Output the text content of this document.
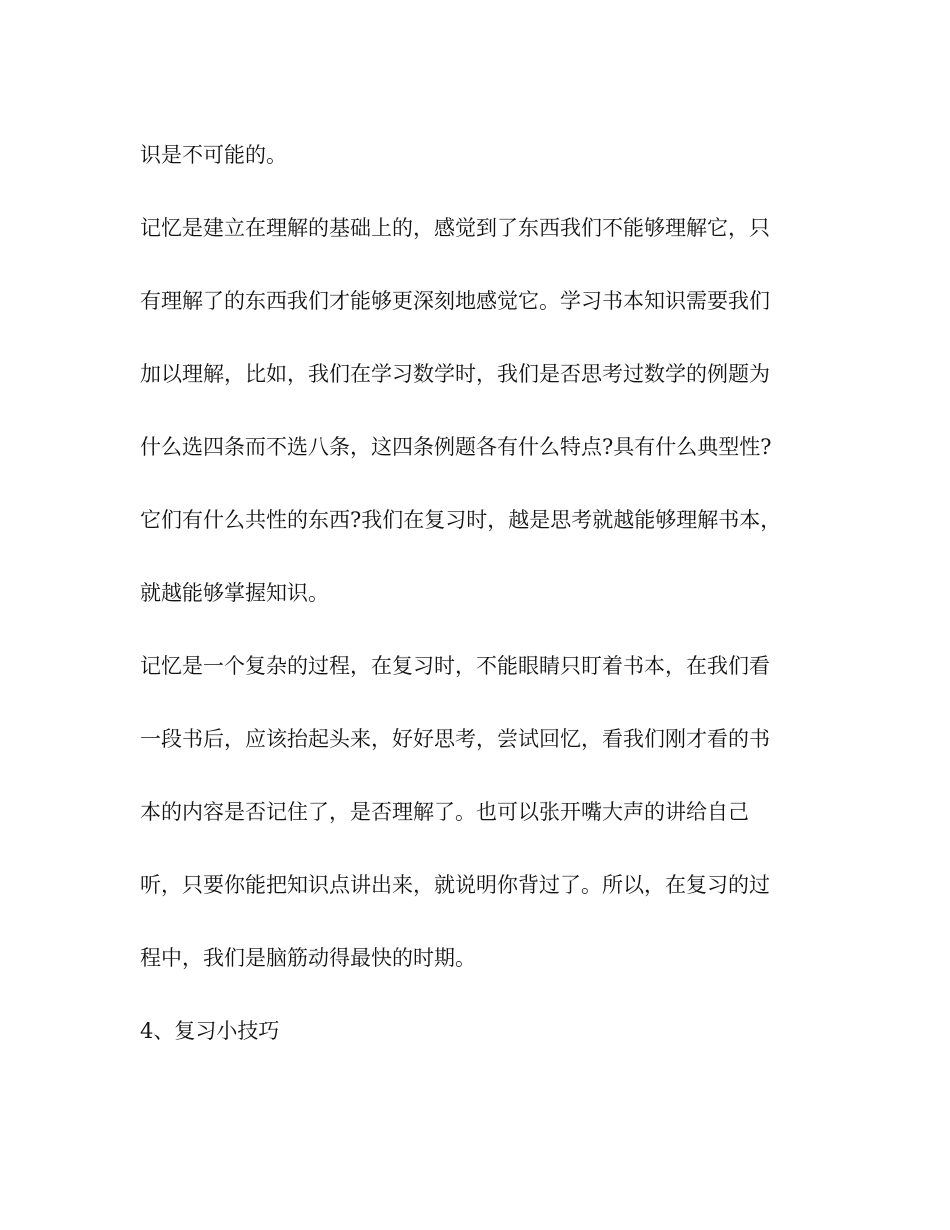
识是不可能的。

记忆是建立在理解的基础上的，感觉到了东西我们不能够理解它，只

有理解了的东西我们才能够更深刻地感觉它。学习书本知识需要我们

加以理解，比如，我们在学习数学时，我们是否思考过数学的例题为

什么选四条而不选八条，这四条例题各有什么特点?具有什么典型性?

它们有什么共性的东西?我们在复习时，越是思考就越能够理解书本，

就越能够掌握知识。

记忆是一个复杂的过程，在复习时，不能眼睛只盯着书本，在我们看

一段书后，应该抬起头来，好好思考，尝试回忆，看我们刚才看的书

本的内容是否记住了，是否理解了。也可以张开嘴大声的讲给自己

听，只要你能把知识点讲出来，就说明你背过了。所以，在复习的过

程中，我们是脑筋动得最快的时期。

4、复习小技巧
